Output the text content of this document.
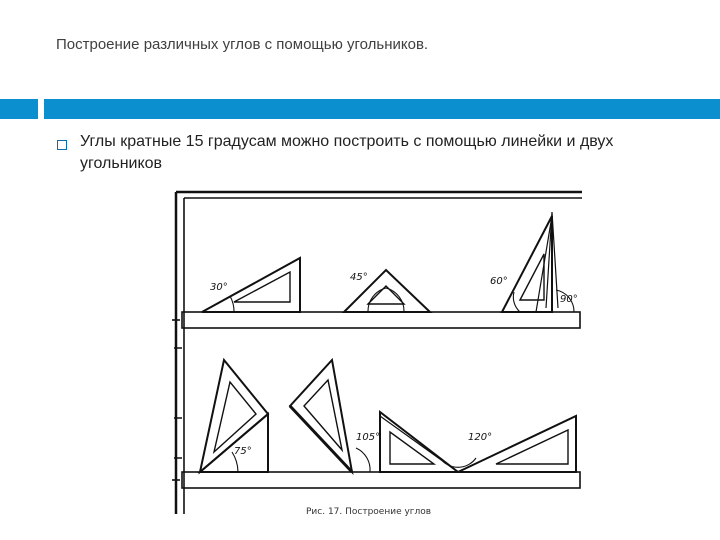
Построение различных углов с помощью угольников.
Углы кратные 15 градусам можно построить с помощью линейки и двух угольников
30°
45°	60°
90°
75°
105°	120°
Рис. 17. Построение углов
